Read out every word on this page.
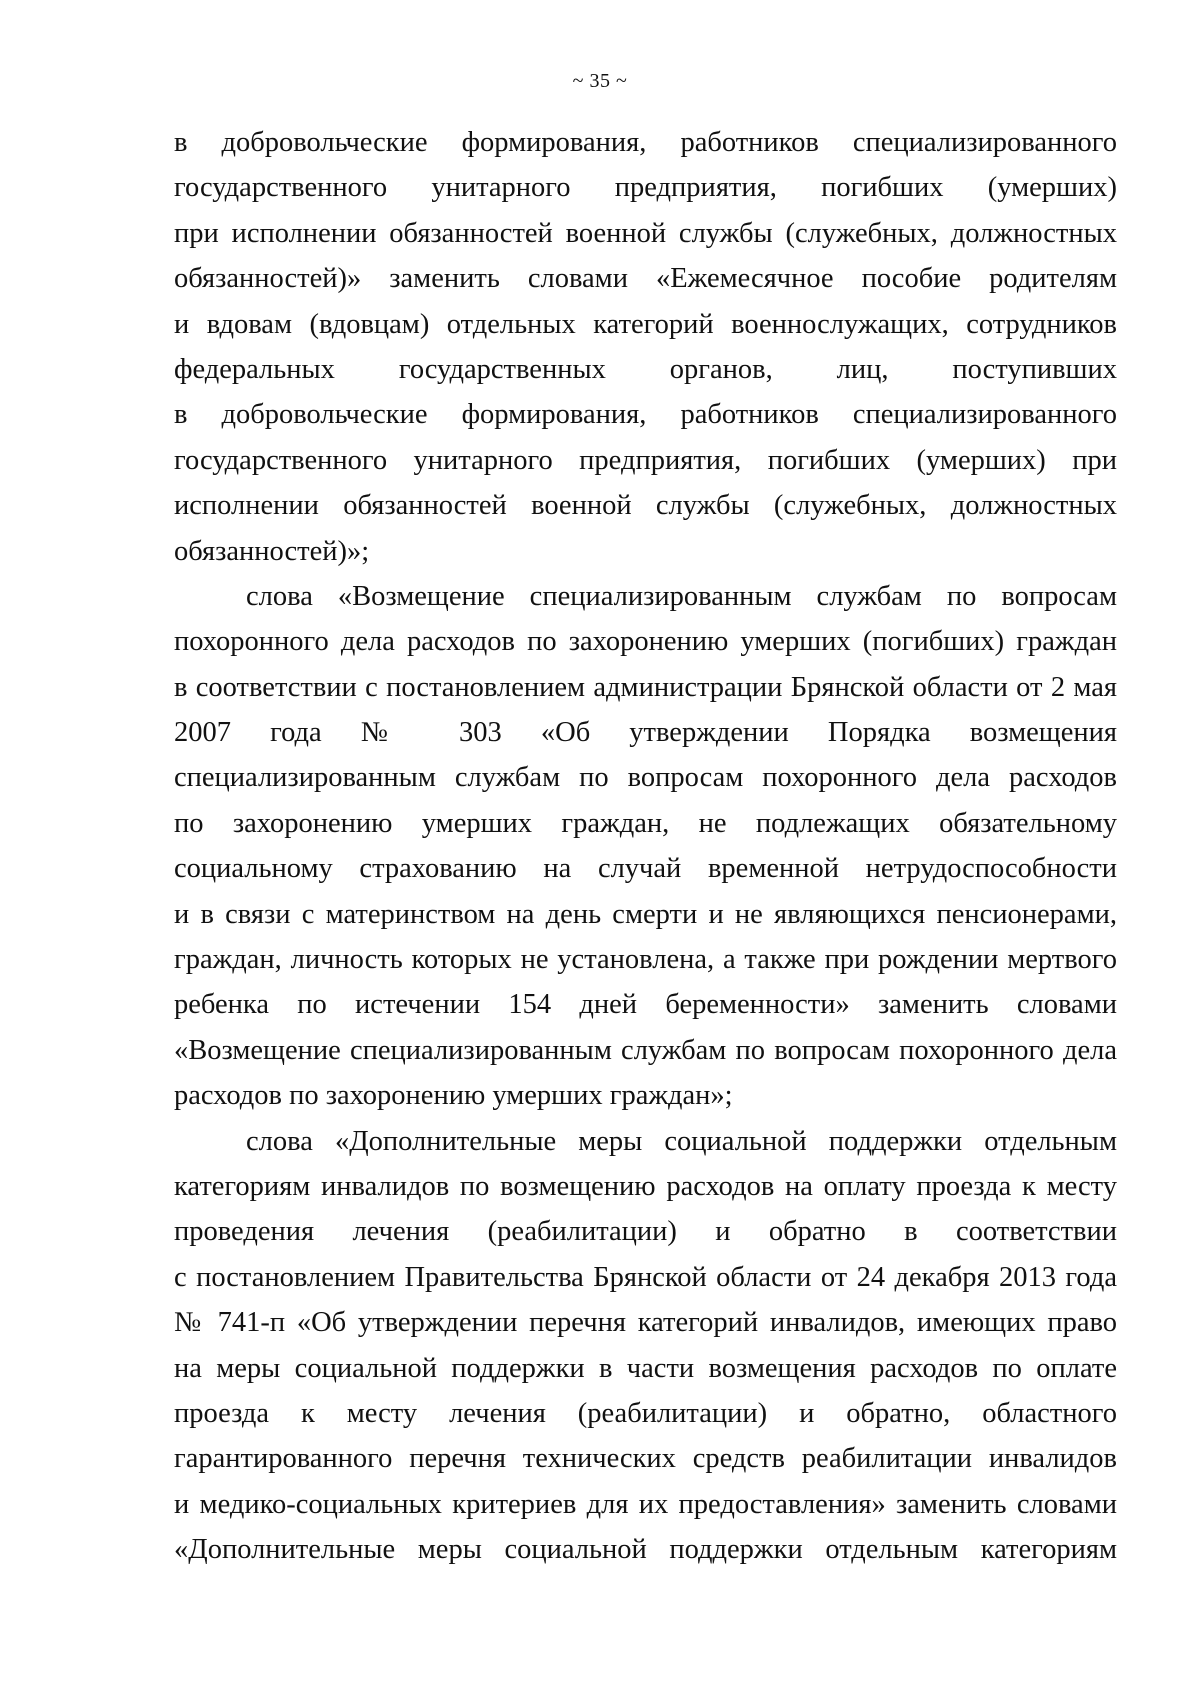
~ 35 ~
в добровольческие формирования, работников специализированного
государственного унитарного предприятия, погибших (умерших)
при исполнении обязанностей военной службы (служебных, должностных
обязанностей)» заменить словами «Ежемесячное пособие родителям
и вдовам (вдовцам) отдельных категорий военнослужащих, сотрудников
федеральных государственных органов, лиц, поступивших
в добровольческие формирования, работников специализированного
государственного унитарного предприятия, погибших (умерших) при
исполнении обязанностей военной службы (служебных, должностных
обязанностей)»;
слова «Возмещение специализированным службам по вопросам
похоронного дела расходов по захоронению умерших (погибших) граждан
в соответствии с постановлением администрации Брянской области от 2 мая
2007 года № 303 «Об утверждении Порядка возмещения
специализированным службам по вопросам похоронного дела расходов
по захоронению умерших граждан, не подлежащих обязательному
социальному страхованию на случай временной нетрудоспособности
и в связи с материнством на день смерти и не являющихся пенсионерами,
граждан, личность которых не установлена, а также при рождении мертвого
ребенка по истечении 154 дней беременности» заменить словами
«Возмещение специализированным службам по вопросам похоронного дела
расходов по захоронению умерших граждан»;
слова «Дополнительные меры социальной поддержки отдельным
категориям инвалидов по возмещению расходов на оплату проезда к месту
проведения лечения (реабилитации) и обратно в соответствии
с постановлением Правительства Брянской области от 24 декабря 2013 года
№ 741-п «Об утверждении перечня категорий инвалидов, имеющих право
на меры социальной поддержки в части возмещения расходов по оплате
проезда к месту лечения (реабилитации) и обратно, областного
гарантированного перечня технических средств реабилитации инвалидов
и медико-социальных критериев для их предоставления» заменить словами
«Дополнительные меры социальной поддержки отдельным категориям
